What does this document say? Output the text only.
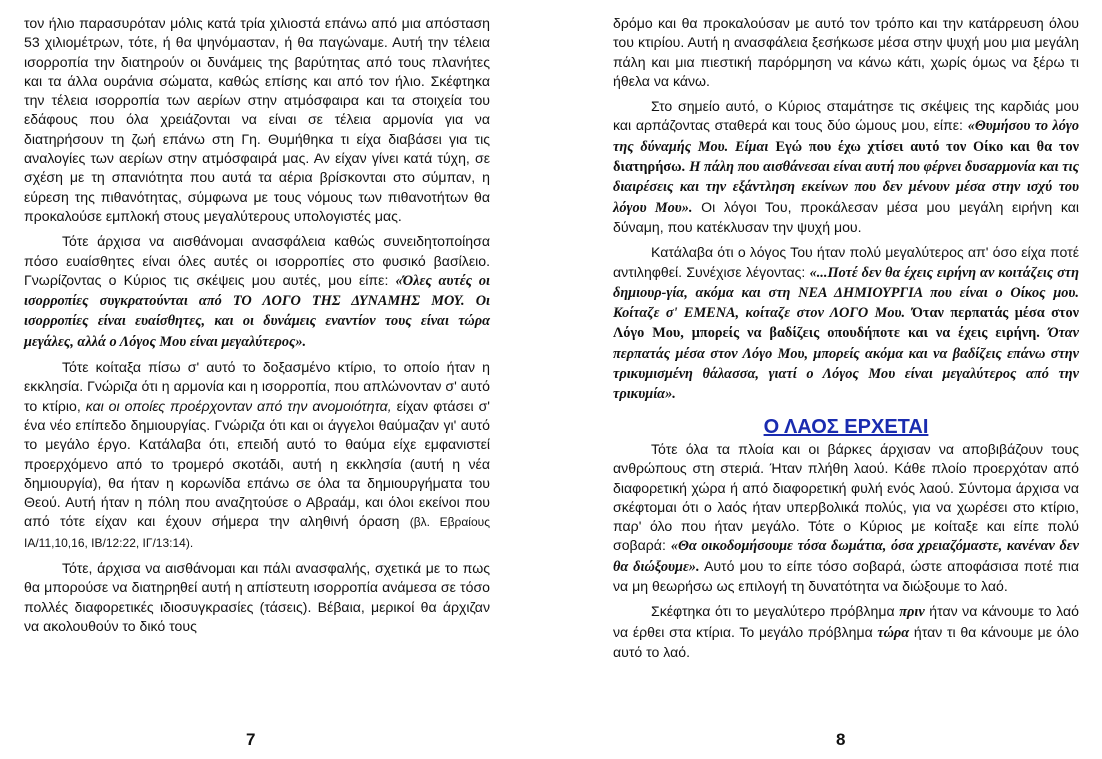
τον ήλιο παρασυρόταν μόλις κατά τρία χιλιοστά επάνω από μια απόσταση 53 χιλιομέτρων, τότε, ή θα ψηνόμασταν, ή θα παγώναμε. Αυτή την τέλεια ισορροπία την διατηρούν οι δυνάμεις της βαρύτητας από τους πλανήτες και τα άλλα ουράνια σώματα, καθώς επίσης και από τον ήλιο. Σκέφτηκα την τέλεια ισορροπία των αερίων στην ατμόσφαιρα και τα στοιχεία του εδάφους που όλα χρειάζονται να είναι σε τέλεια αρμονία για να διατηρήσουν τη ζωή επάνω στη Γη. Θυμήθηκα τι είχα διαβάσει για τις αναλογίες των αερίων στην ατμόσφαιρά μας. Αν είχαν γίνει κατά τύχη, σε σχέση με τη σπανιότητα που αυτά τα αέρια βρίσκονται στο σύμπαν, η εύρεση της πιθανότητας, σύμφωνα με τους νόμους των πιθανοτήτων θα προκαλούσε εμπλοκή στους μεγαλύτερους υπολογιστές μας.

Τότε άρχισα να αισθάνομαι ανασφάλεια καθώς συνειδητοποίησα πόσο ευαίσθητες είναι όλες αυτές οι ισορροπίες στο φυσικό βασίλειο. Γνωρίζοντας ο Κύριος τις σκέψεις μου αυτές, μου είπε: «Όλες αυτές οι ισορροπίες συγκρατούνται από ΤΟ ΛΟΓΟ ΤΗΣ ΔΥΝΑΜΗΣ ΜΟΥ. Οι ισορροπίες είναι ευαίσθητες, και οι δυνάμεις εναντίον τους είναι τώρα μεγάλες, αλλά ο Λόγος Μου είναι μεγαλύτερος».

Τότε κοίταξα πίσω σ' αυτό το δοξασμένο κτίριο, το οποίο ήταν η εκκλησία. Γνώριζα ότι η αρμονία και η ισορροπία, που απλώνονταν σ' αυτό το κτίριο, και οι οποίες προέρχονταν από την ανομοιότητα, είχαν φτάσει σ' ένα νέο επίπεδο δημιουργίας. Γνώριζα ότι και οι άγγελοι θαύμαζαν γι' αυτό το μεγάλο έργο. Κατάλαβα ότι, επειδή αυτό το θαύμα είχε εμφανιστεί προερχόμενο από το τρομερό σκοτάδι, αυτή η εκκλησία (αυτή η νέα δημιουργία), θα ήταν η κορωνίδα επάνω σε όλα τα δημιουργήματα του Θεού. Αυτή ήταν η πόλη που αναζητούσε ο Αβραάμ, και όλοι εκείνοι που από τότε είχαν και έχουν σήμερα την αληθινή όραση (βλ. Εβραίους ΙΑ/11,10,16, ΙΒ/12:22, ΙΓ/13:14).

Τότε, άρχισα να αισθάνομαι και πάλι ανασφαλής, σχετικά με το πως θα μπορούσε να διατηρηθεί αυτή η απίστευτη ισορροπία ανάμεσα σε τόσο πολλές διαφορετικές ιδιοσυγκρασίες (τάσεις). Βέβαια, μερικοί θα άρχιζαν να ακολουθούν το δικό τους

δρόμο και θα προκαλούσαν με αυτό τον τρόπο και την κατάρρευση όλου του κτιρίου. Αυτή η ανασφάλεια ξεσήκωσε μέσα στην ψυχή μου μια μεγάλη πάλη και μια πιεστική παρόρμηση να κάνω κάτι, χωρίς όμως να ξέρω τι ήθελα να κάνω.

Στο σημείο αυτό, ο Κύριος σταμάτησε τις σκέψεις της καρδιάς μου και αρπάζοντας σταθερά και τους δύο ώμους μου, είπε: «Θυμήσου το λόγο της δύναμής Μου. Είμαι Εγώ που έχω χτίσει αυτό τον Οίκο και θα τον διατηρήσω. Η πάλη που αισθάνεσαι είναι αυτή που φέρνει δυσαρμονία και τις διαιρέσεις και την εξάντληση εκείνων που δεν μένουν μέσα στην ισχύ του λόγου Μου». Οι λόγοι Του, προκάλεσαν μέσα μου μεγάλη ειρήνη και δύναμη, που κατέκλυσαν την ψυχή μου.

Κατάλαβα ότι ο λόγος Του ήταν πολύ μεγαλύτερος απ' όσο είχα ποτέ αντιληφθεί. Συνέχισε λέγοντας: «...Ποτέ δεν θα έχεις ειρήνη αν κοιτάζεις στη δημιουρ-γία, ακόμα και στη ΝΕΑ ΔΗΜΙΟΥΡΓΙΑ που είναι ο Οίκος μου. Κοίταζε σ' ΕΜΕΝΑ, κοίταζε στον ΛΟΓΟ Μου. Όταν περπατάς μέσα στον Λόγο Μου, μπορείς να βαδίζεις οπουδήποτε και να έχεις ειρήνη. Όταν περπατάς μέσα στον Λόγο Μου, μπορείς ακόμα και να βαδίζεις επάνω στην τρικυμισμένη θάλασσα, γιατί ο Λόγος Μου είναι μεγαλύτερος από την τρικυμία».

Ο ΛΑΟΣ ΕΡΧΕΤΑΙ

Τότε όλα τα πλοία και οι βάρκες άρχισαν να αποβιβάζουν τους ανθρώπους στη στεριά. Ήταν πλήθη λαού. Κάθε πλοίο προερχόταν από διαφορετική χώρα ή από διαφορετική φυλή ενός λαού. Σύντομα άρχισα να σκέφτομαι ότι ο λαός ήταν υπερβολικά πολύς, για να χωρέσει στο κτίριο, παρ' όλο που ήταν μεγάλο. Τότε ο Κύριος με κοίταξε και είπε πολύ σοβαρά: «Θα οικοδομήσουμε τόσα δωμάτια, όσα χρειαζόμαστε, κανέναν δεν θα διώξουμε». Αυτό μου το είπε τόσο σοβαρά, ώστε αποφάσισα ποτέ πια να μη θεωρήσω ως επιλογή τη δυνατότητα να διώξουμε το λαό.

Σκέφτηκα ότι το μεγαλύτερο πρόβλημα πριν ήταν να κάνουμε το λαό να έρθει στα κτίρια. Το μεγάλο πρόβλημα τώρα ήταν τι θα κάνουμε με όλο αυτό το λαό.

7	8
